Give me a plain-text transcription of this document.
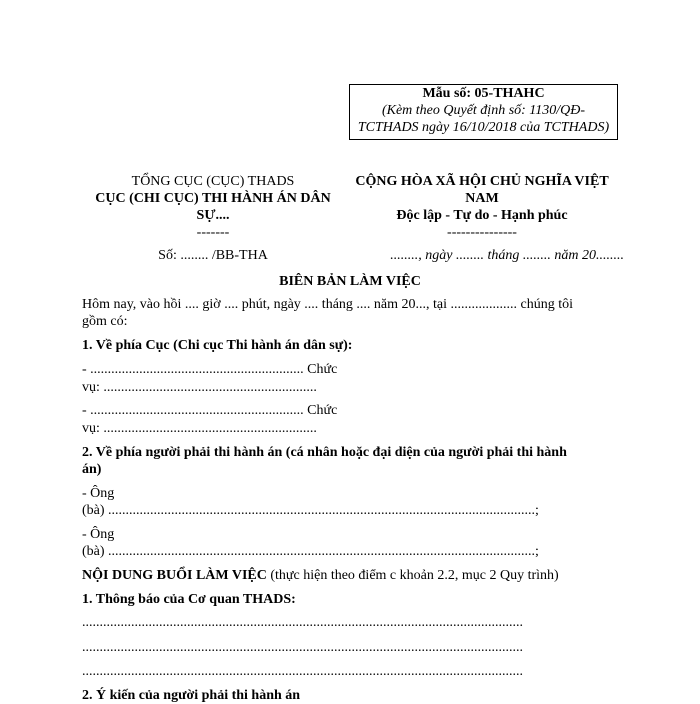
Mẫu số: 05-THAHC
(Kèm theo Quyết định số: 1130/QĐ-
TCTHADS ngày 16/10/2018 của TCTHADS)
TỔNG CỤC (CỤC) THADS
CỤC (CHI CỤC) THI HÀNH ÁN DÂN
SỰ....
-------
CỘNG HÒA XÃ HỘI CHỦ NGHĨA VIỆT
NAM
Độc lập - Tự do - Hạnh phúc
---------------
Số: ........ /BB-THA	........, ngày ........ tháng ........ năm 20........
BIÊN BẢN LÀM VIỆC
Hôm nay, vào hồi .... giờ .... phút, ngày .... tháng .... năm 20..., tại ................... chúng tôi
gồm có:
1. Về phía Cục (Chi cục Thi hành án dân sự):
- ............................................................. Chức
vụ: .............................................................
- ............................................................. Chức
vụ: .............................................................
2. Về phía người phải thi hành án (cá nhân hoặc đại diện của người phải thi hành
án)
- Ông
(bà) ..........................................................................................................................;
- Ông
(bà) ..........................................................................................................................;
NỘI DUNG BUỔI LÀM VIỆC (thực hiện theo điểm c khoản 2.2, mục 2 Quy trình)
1. Thông báo của Cơ quan THADS:
..............................................................................................................................
..............................................................................................................................
..............................................................................................................................
2. Ý kiến của người phải thi hành án
